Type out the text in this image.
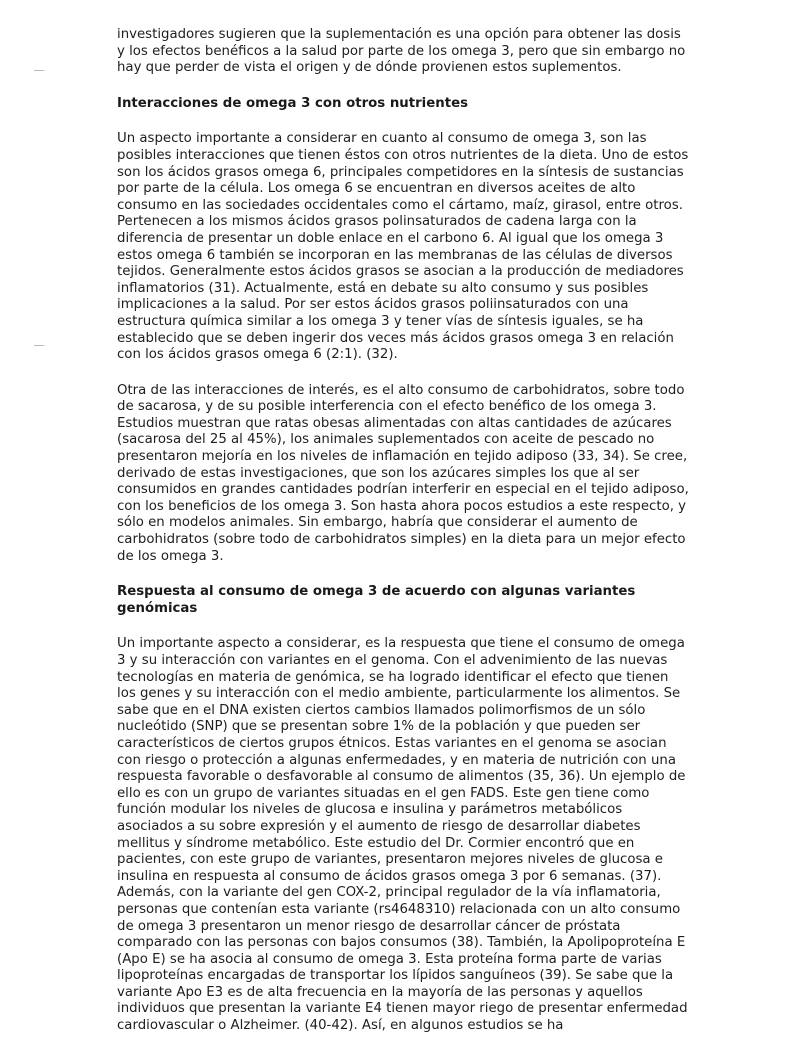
investigadores sugieren que la suplementación es una opción para obtener las dosis y los efectos benéficos a la salud por parte de los omega 3, pero que sin embargo no hay que perder de vista el origen y de dónde provienen estos suplementos.

Interacciones de omega 3 con otros nutrientes

Un aspecto importante a considerar en cuanto al consumo de omega 3, son las posibles interacciones que tienen éstos con otros nutrientes de la dieta. Uno de estos son los ácidos grasos omega 6, principales competidores en la síntesis de sustancias por parte de la célula. Los omega 6 se encuentran en diversos aceites de alto consumo en las sociedades occidentales como el cártamo, maíz, girasol, entre otros. Pertenecen a los mismos ácidos grasos polinsaturados de cadena larga con la diferencia de presentar un doble enlace en el carbono 6. Al igual que los omega 3 estos omega 6 también se incorporan en las membranas de las células de diversos tejidos. Generalmente estos ácidos grasos se asocian a la producción de mediadores inflamatorios (31). Actualmente, está en debate su alto consumo y sus posibles implicaciones a la salud. Por ser estos ácidos grasos poliinsaturados con una estructura química similar a los omega 3 y tener vías de síntesis iguales, se ha establecido que se deben ingerir dos veces más ácidos grasos omega 3 en relación con los ácidos grasos omega 6 (2:1). (32).

Otra de las interacciones de interés, es el alto consumo de carbohidratos, sobre todo de sacarosa, y de su posible interferencia con el efecto benéfico de los omega 3. Estudios muestran que ratas obesas alimentadas con altas cantidades de azúcares (sacarosa del 25 al 45%), los animales suplementados con aceite de pescado no presentaron mejoría en los niveles de inflamación en tejido adiposo (33, 34). Se cree, derivado de estas investigaciones, que son los azúcares simples los que al ser consumidos en grandes cantidades podrían interferir en especial en el tejido adiposo, con los beneficios de los omega 3. Son hasta ahora pocos estudios a este respecto, y sólo en modelos animales. Sin embargo, habría que considerar el aumento de carbohidratos (sobre todo de carbohidratos simples) en la dieta para un mejor efecto de los omega 3.

Respuesta al consumo de omega 3 de acuerdo con algunas variantes genómicas

Un importante aspecto a considerar, es la respuesta que tiene el consumo de omega 3 y su interacción con variantes en el genoma. Con el advenimiento de las nuevas tecnologías en materia de genómica, se ha logrado identificar el efecto que tienen los genes y su interacción con el medio ambiente, particularmente los alimentos. Se sabe que en el DNA existen ciertos cambios llamados polimorfismos de un sólo nucleótido (SNP) que se presentan sobre 1% de la población y que pueden ser característicos de ciertos grupos étnicos. Estas variantes en el genoma se asocian con riesgo o protección a algunas enfermedades, y en materia de nutrición con una respuesta favorable o desfavorable al consumo de alimentos (35, 36). Un ejemplo de ello es con un grupo de variantes situadas en el gen FADS. Este gen tiene como función modular los niveles de glucosa e insulina y parámetros metabólicos asociados a su sobre expresión y el aumento de riesgo de desarrollar diabetes mellitus y síndrome metabólico. Este estudio del Dr. Cormier encontró que en pacientes, con este grupo de variantes, presentaron mejores niveles de glucosa e insulina en respuesta al consumo de ácidos grasos omega 3 por 6 semanas. (37). Además, con la variante del gen COX-2, principal regulador de la vía inflamatoria, personas que contenían esta variante (rs4648310) relacionada con un alto consumo de omega 3 presentaron un menor riesgo de desarrollar cáncer de próstata comparado con las personas con bajos consumos (38). También, la Apolipoproteína E (Apo E) se ha asocia al consumo de omega 3. Esta proteína forma parte de varias lipoproteínas encargadas de transportar los lípidos sanguíneos (39). Se sabe que la variante Apo E3 es de alta frecuencia en la mayoría de las personas y aquellos individuos que presentan la variante E4 tienen mayor riego de presentar enfermedad cardiovascular o Alzheimer. (40-42). Así, en algunos estudios se ha
